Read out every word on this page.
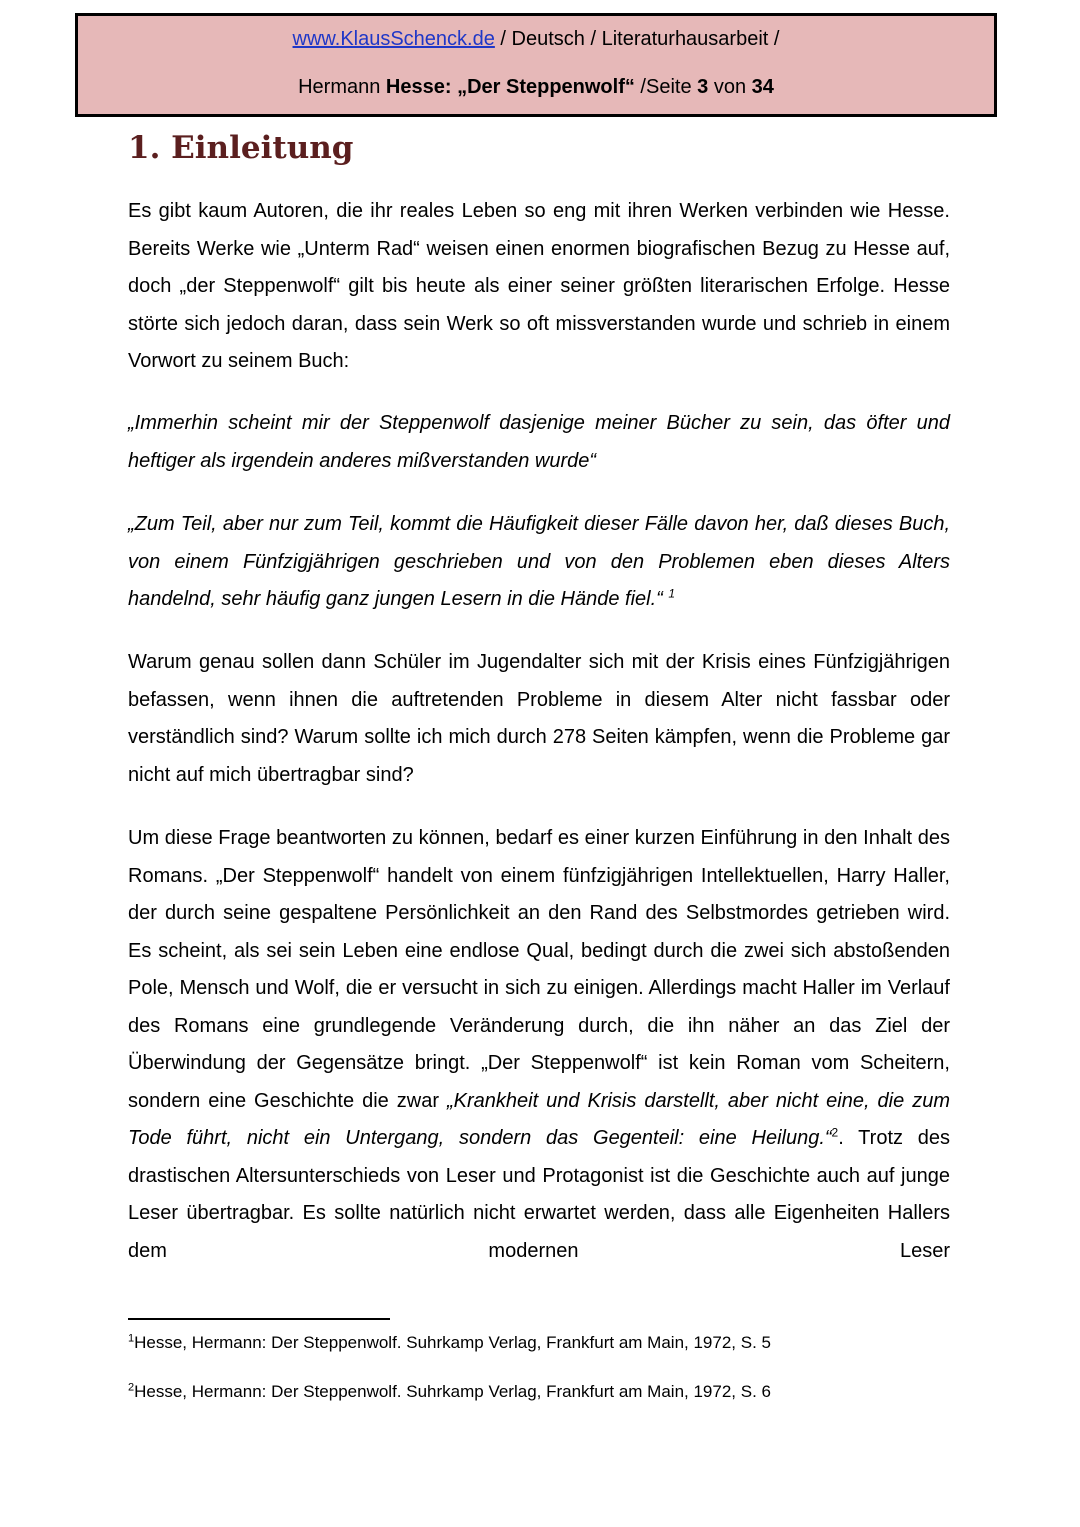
www.KlausSchenck.de / Deutsch / Literaturhausarbeit /
Hermann Hesse: „Der Steppenwolf“ /Seite 3 von 34
1. Einleitung

Es gibt kaum Autoren, die ihr reales Leben so eng mit ihren Werken verbinden wie Hesse. Bereits Werke wie „Unterm Rad“ weisen einen enormen biografischen Bezug zu Hesse auf, doch „der Steppenwolf“ gilt bis heute als einer seiner größten literarischen Erfolge. Hesse störte sich jedoch daran, dass sein Werk so oft missverstanden wurde und schrieb in einem Vorwort zu seinem Buch:

„Immerhin scheint mir der Steppenwolf dasjenige meiner Bücher zu sein, das öfter und heftiger als irgendein anderes mißverstanden wurde“

„Zum Teil, aber nur zum Teil, kommt die Häufigkeit dieser Fälle davon her, daß dieses Buch, von einem Fünfzigjährigen geschrieben und von den Problemen eben dieses Alters handelnd, sehr häufig ganz jungen Lesern in die Hände fiel.“ $^1$

Warum genau sollen dann Schüler im Jugendalter sich mit der Krisis eines Fünfzigjährigen befassen, wenn ihnen die auftretenden Probleme in diesem Alter nicht fassbar oder verständlich sind? Warum sollte ich mich durch 278 Seiten kämpfen, wenn die Probleme gar nicht auf mich übertragbar sind?

Um diese Frage beantworten zu können, bedarf es einer kurzen Einführung in den Inhalt des Romans. „Der Steppenwolf“ handelt von einem fünfzigjährigen Intellektuellen, Harry Haller, der durch seine gespaltene Persönlichkeit an den Rand des Selbstmordes getrieben wird. Es scheint, als sei sein Leben eine endlose Qual, bedingt durch die zwei sich abstoßenden Pole, Mensch und Wolf, die er versucht in sich zu einigen. Allerdings macht Haller im Verlauf des Romans eine grundlegende Veränderung durch, die ihn näher an das Ziel der Überwindung der Gegensätze bringt. „Der Steppenwolf“ ist kein Roman vom Scheitern, sondern eine Geschichte die zwar „Krankheit und Krisis darstellt, aber nicht eine, die zum Tode führt, nicht ein Untergang, sondern das Gegenteil: eine Heilung.“$^2$. Trotz des drastischen Altersunterschieds von Leser und Protagonist ist die Geschichte auch auf junge Leser übertragbar. Es sollte natürlich nicht erwartet werden, dass alle Eigenheiten Hallers dem modernen Leser

$^1$Hesse, Hermann: Der Steppenwolf. Suhrkamp Verlag, Frankfurt am Main, 1972, S. 5
$^2$Hesse, Hermann: Der Steppenwolf. Suhrkamp Verlag, Frankfurt am Main, 1972, S. 6
